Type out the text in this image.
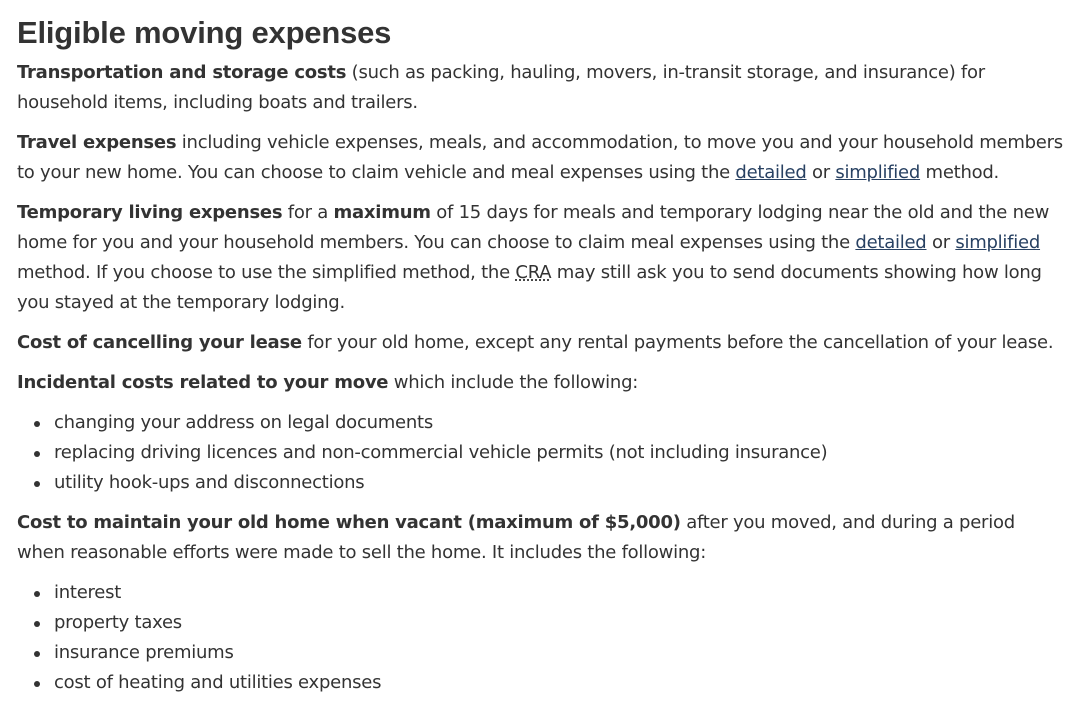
Eligible moving expenses

Transportation and storage costs (such as packing, hauling, movers, in-transit storage, and insurance) for household items, including boats and trailers.

Travel expenses including vehicle expenses, meals, and accommodation, to move you and your household members to your new home. You can choose to claim vehicle and meal expenses using the detailed or simplified method.

Temporary living expenses for a maximum of 15 days for meals and temporary lodging near the old and the new home for you and your household members. You can choose to claim meal expenses using the detailed or simplified method. If you choose to use the simplified method, the CRA may still ask you to send documents showing how long you stayed at the temporary lodging.

Cost of cancelling your lease for your old home, except any rental payments before the cancellation of your lease.

Incidental costs related to your move which include the following:

changing your address on legal documents
replacing driving licences and non-commercial vehicle permits (not including insurance)
utility hook-ups and disconnections

Cost to maintain your old home when vacant (maximum of $5,000) after you moved, and during a period when reasonable efforts were made to sell the home. It includes the following:

interest
property taxes
insurance premiums
cost of heating and utilities expenses
